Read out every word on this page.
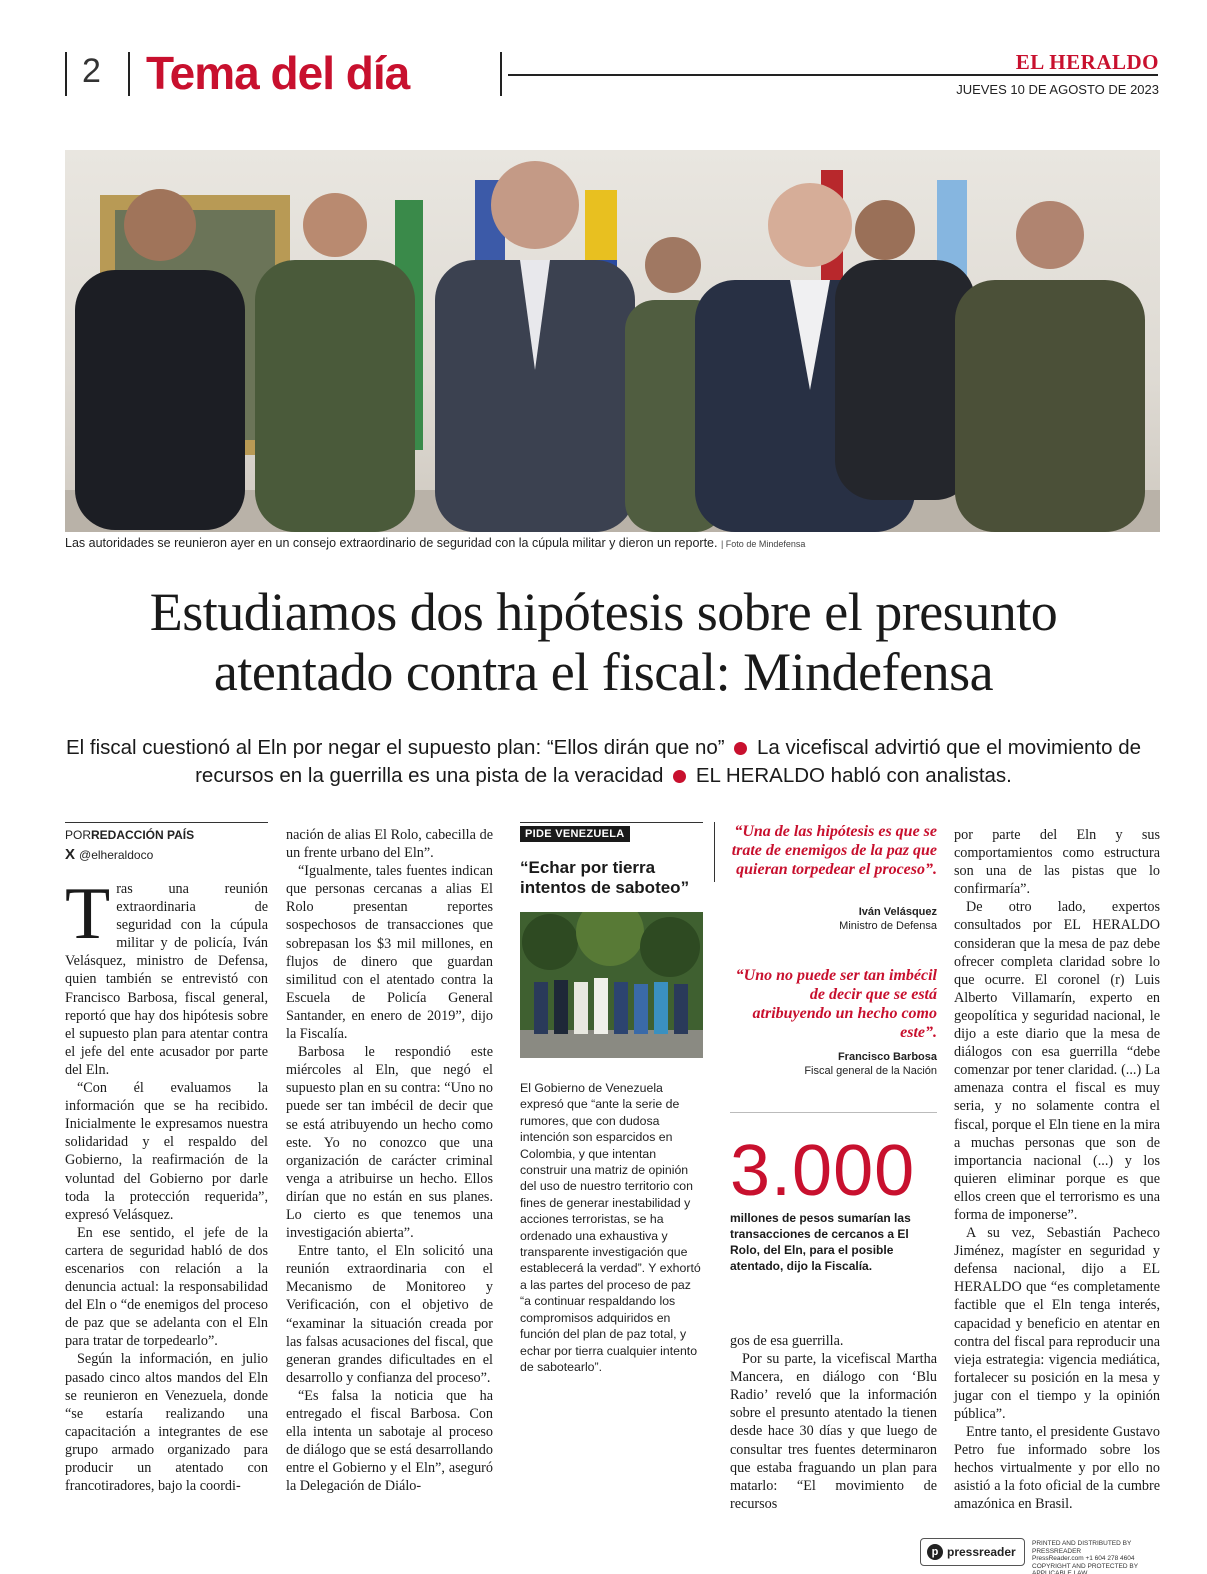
2 Tema del día	EL HERALDO
JUEVES 10 DE AGOSTO DE 2023
Las autoridades se reunieron ayer en un consejo extraordinario de seguridad con la cúpula militar y dieron un reporte. | Foto de Mindefensa
Estudiamos dos hipótesis sobre el presunto
atentado contra el fiscal: Mindefensa
El fiscal cuestionó al Eln por negar el supuesto plan: “Ellos dirán que no” La vicefiscal advirtió que el movimiento de recursos en la guerrilla es una pista de la veracidad EL HERALDO habló con analistas.
PORREDACCIÓN PAÍS
X @elheraldoco

Tras una reunión extraordinaria de seguridad con la cúpula militar y de policía, Iván Velásquez, ministro de Defensa, quien también se entrevistó con Francisco Barbosa, fiscal general, reportó que hay dos hipótesis sobre el supuesto plan para atentar contra el jefe del ente acusador por parte del Eln.

“Con él evaluamos la información que se ha recibido. Inicialmente le expresamos nuestra solidaridad y el respaldo del Gobierno, la reafirmación de la voluntad del Gobierno por darle toda la protección requerida”, expresó Velásquez.

En ese sentido, el jefe de la cartera de seguridad habló de dos escenarios con relación a la denuncia actual: la responsabilidad del Eln o “de enemigos del proceso de paz que se adelanta con el Eln para tratar de torpedearlo”.

Según la información, en julio pasado cinco altos mandos del Eln se reunieron en Venezuela, donde “se estaría realizando una capacitación a integrantes de ese grupo armado organizado para producir un atentado con francotiradores, bajo la coordi-

nación de alias El Rolo, cabecilla de un frente urbano del Eln”.

“Igualmente, tales fuentes indican que personas cercanas a alias El Rolo presentan reportes sospechosos de transacciones que sobrepasan los $3 mil millones, en flujos de dinero que guardan similitud con el atentado contra la Escuela de Policía General Santander, en enero de 2019”, dijo la Fiscalía.

Barbosa le respondió este miércoles al Eln, que negó el supuesto plan en su contra: “Uno no puede ser tan imbécil de decir que se está atribuyendo un hecho como este. Yo no conozco que una organización de carácter criminal venga a atribuirse un hecho. Ellos dirían que no están en sus planes. Lo cierto es que tenemos una investigación abierta”.

Entre tanto, el Eln solicitó una reunión extraordinaria con el Mecanismo de Monitoreo y Verificación, con el objetivo de “examinar la situación creada por las falsas acusaciones del fiscal, que generan grandes dificultades en el desarrollo y confianza del proceso”.

“Es falsa la noticia que ha entregado el fiscal Barbosa. Con ella intenta un sabotaje al proceso de diálogo que se está desarrollando entre el Gobierno y el Eln”, aseguró la Delegación de Diálo-

PIDE VENEZUELA
“Echar por tierra intentos de saboteo”
El Gobierno de Venezuela expresó que “ante la serie de rumores, que con dudosa intención son esparcidos en Colombia, y que intentan construir una matriz de opinión del uso de nuestro territorio con fines de generar inestabilidad y acciones terroristas, se ha ordenado una exhaustiva y transparente investigación que establecerá la verdad”. Y exhortó a las partes del proceso de paz “a continuar respaldando los compromisos adquiridos en función del plan de paz total, y echar por tierra cualquier intento de sabotearlo”.
“Una de las hipótesis es que se trate de enemigos de la paz que quieran torpedear el proceso”.
Iván Velásquez
Ministro de Defensa
“Uno no puede ser tan imbécil de decir que se está atribuyendo un hecho como este”.
Francisco Barbosa
Fiscal general de la Nación
3.000
millones de pesos sumarían las transacciones de cercanos a El Rolo, del Eln, para el posible atentado, dijo la Fiscalía.

gos de esa guerrilla.

Por su parte, la vicefiscal Martha Mancera, en diálogo con ‘Blu Radio’ reveló que la información sobre el presunto atentado la tienen desde hace 30 días y que luego de consultar tres fuentes determinaron que estaba fraguando un plan para matarlo: “El movimiento de recursos

por parte del Eln y sus comportamientos como estructura son una de las pistas que lo confirmaría”.

De otro lado, expertos consultados por EL HERALDO consideran que la mesa de paz debe ofrecer completa claridad sobre lo que ocurre. El coronel (r) Luis Alberto Villamarín, experto en geopolítica y seguridad nacional, le dijo a este diario que la mesa de diálogos con esa guerrilla “debe comenzar por tener claridad. (...) La amenaza contra el fiscal es muy seria, y no solamente contra el fiscal, porque el Eln tiene en la mira a muchas personas que son de importancia nacional (...) y los quieren eliminar porque es que ellos creen que el terrorismo es una forma de imponerse”.

A su vez, Sebastián Pacheco Jiménez, magíster en seguridad y defensa nacional, dijo a EL HERALDO que “es completamente factible que el Eln tenga interés, capacidad y beneficio en atentar en contra del fiscal para reproducir una vieja estrategia: vigencia mediática, fortalecer su posición en la mesa y jugar con el tiempo y la opinión pública”.

Entre tanto, el presidente Gustavo Petro fue informado sobre los hechos virtualmente y por ello no asistió a la foto oficial de la cumbre amazónica en Brasil.

p pressreader
PRINTED AND DISTRIBUTED BY PRESSREADER
PressReader.com +1 604 278 4604
COPYRIGHT AND PROTECTED BY APPLICABLE LAW
